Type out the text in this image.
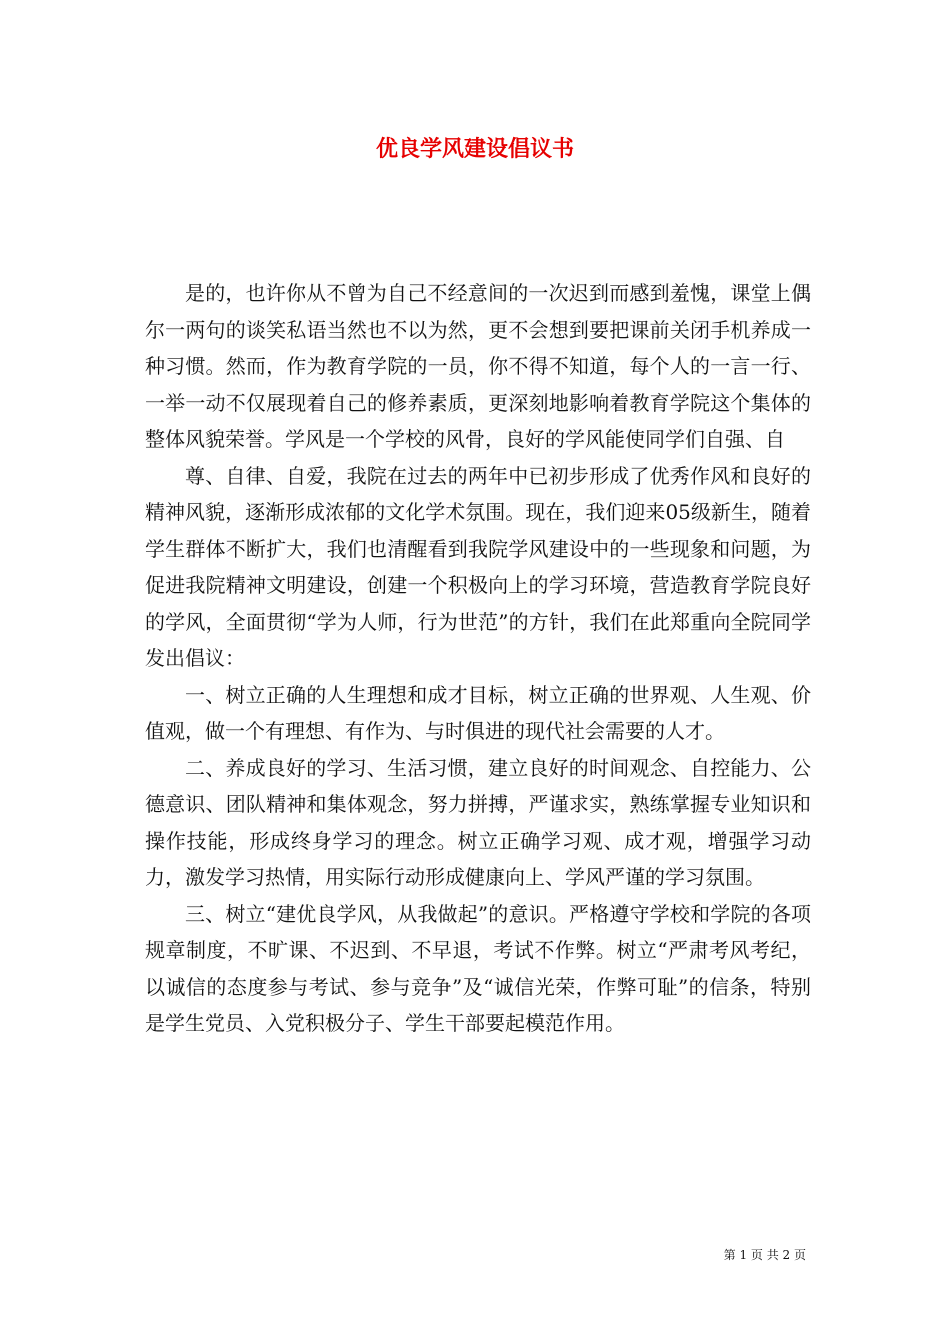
优良学风建设倡议书

是的，也许你从不曾为自己不经意间的一次迟到而感到羞愧，课堂上偶尔一两句的谈笑私语当然也不以为然，更不会想到要把课前关闭手机养成一种习惯。然而，作为教育学院的一员，你不得不知道，每个人的一言一行、一举一动不仅展现着自己的修养素质，更深刻地影响着教育学院这个集体的整体风貌荣誉。学风是一个学校的风骨，良好的学风能使同学们自强、自

尊、自律、自爱，我院在过去的两年中已初步形成了优秀作风和良好的精神风貌，逐渐形成浓郁的文化学术氛围。现在，我们迎来05级新生，随着学生群体不断扩大，我们也清醒看到我院学风建设中的一些现象和问题，为促进我院精神文明建设，创建一个积极向上的学习环境，营造教育学院良好的学风，全面贯彻“学为人师，行为世范”的方针，我们在此郑重向全院同学发出倡议：

一、树立正确的人生理想和成才目标，树立正确的世界观、人生观、价值观，做一个有理想、有作为、与时俱进的现代社会需要的人才。

二、养成良好的学习、生活习惯，建立良好的时间观念、自控能力、公德意识、团队精神和集体观念，努力拼搏，严谨求实，熟练掌握专业知识和操作技能，形成终身学习的理念。树立正确学习观、成才观，增强学习动力，激发学习热情，用实际行动形成健康向上、学风严谨的学习氛围。

三、树立“建优良学风，从我做起”的意识。严格遵守学校和学院的各项规章制度，不旷课、不迟到、不早退，考试不作弊。树立“严肃考风考纪，以诚信的态度参与考试、参与竞争”及“诚信光荣，作弊可耻”的信条，特别是学生党员、入党积极分子、学生干部要起模范作用。

第 1 页 共 2 页
